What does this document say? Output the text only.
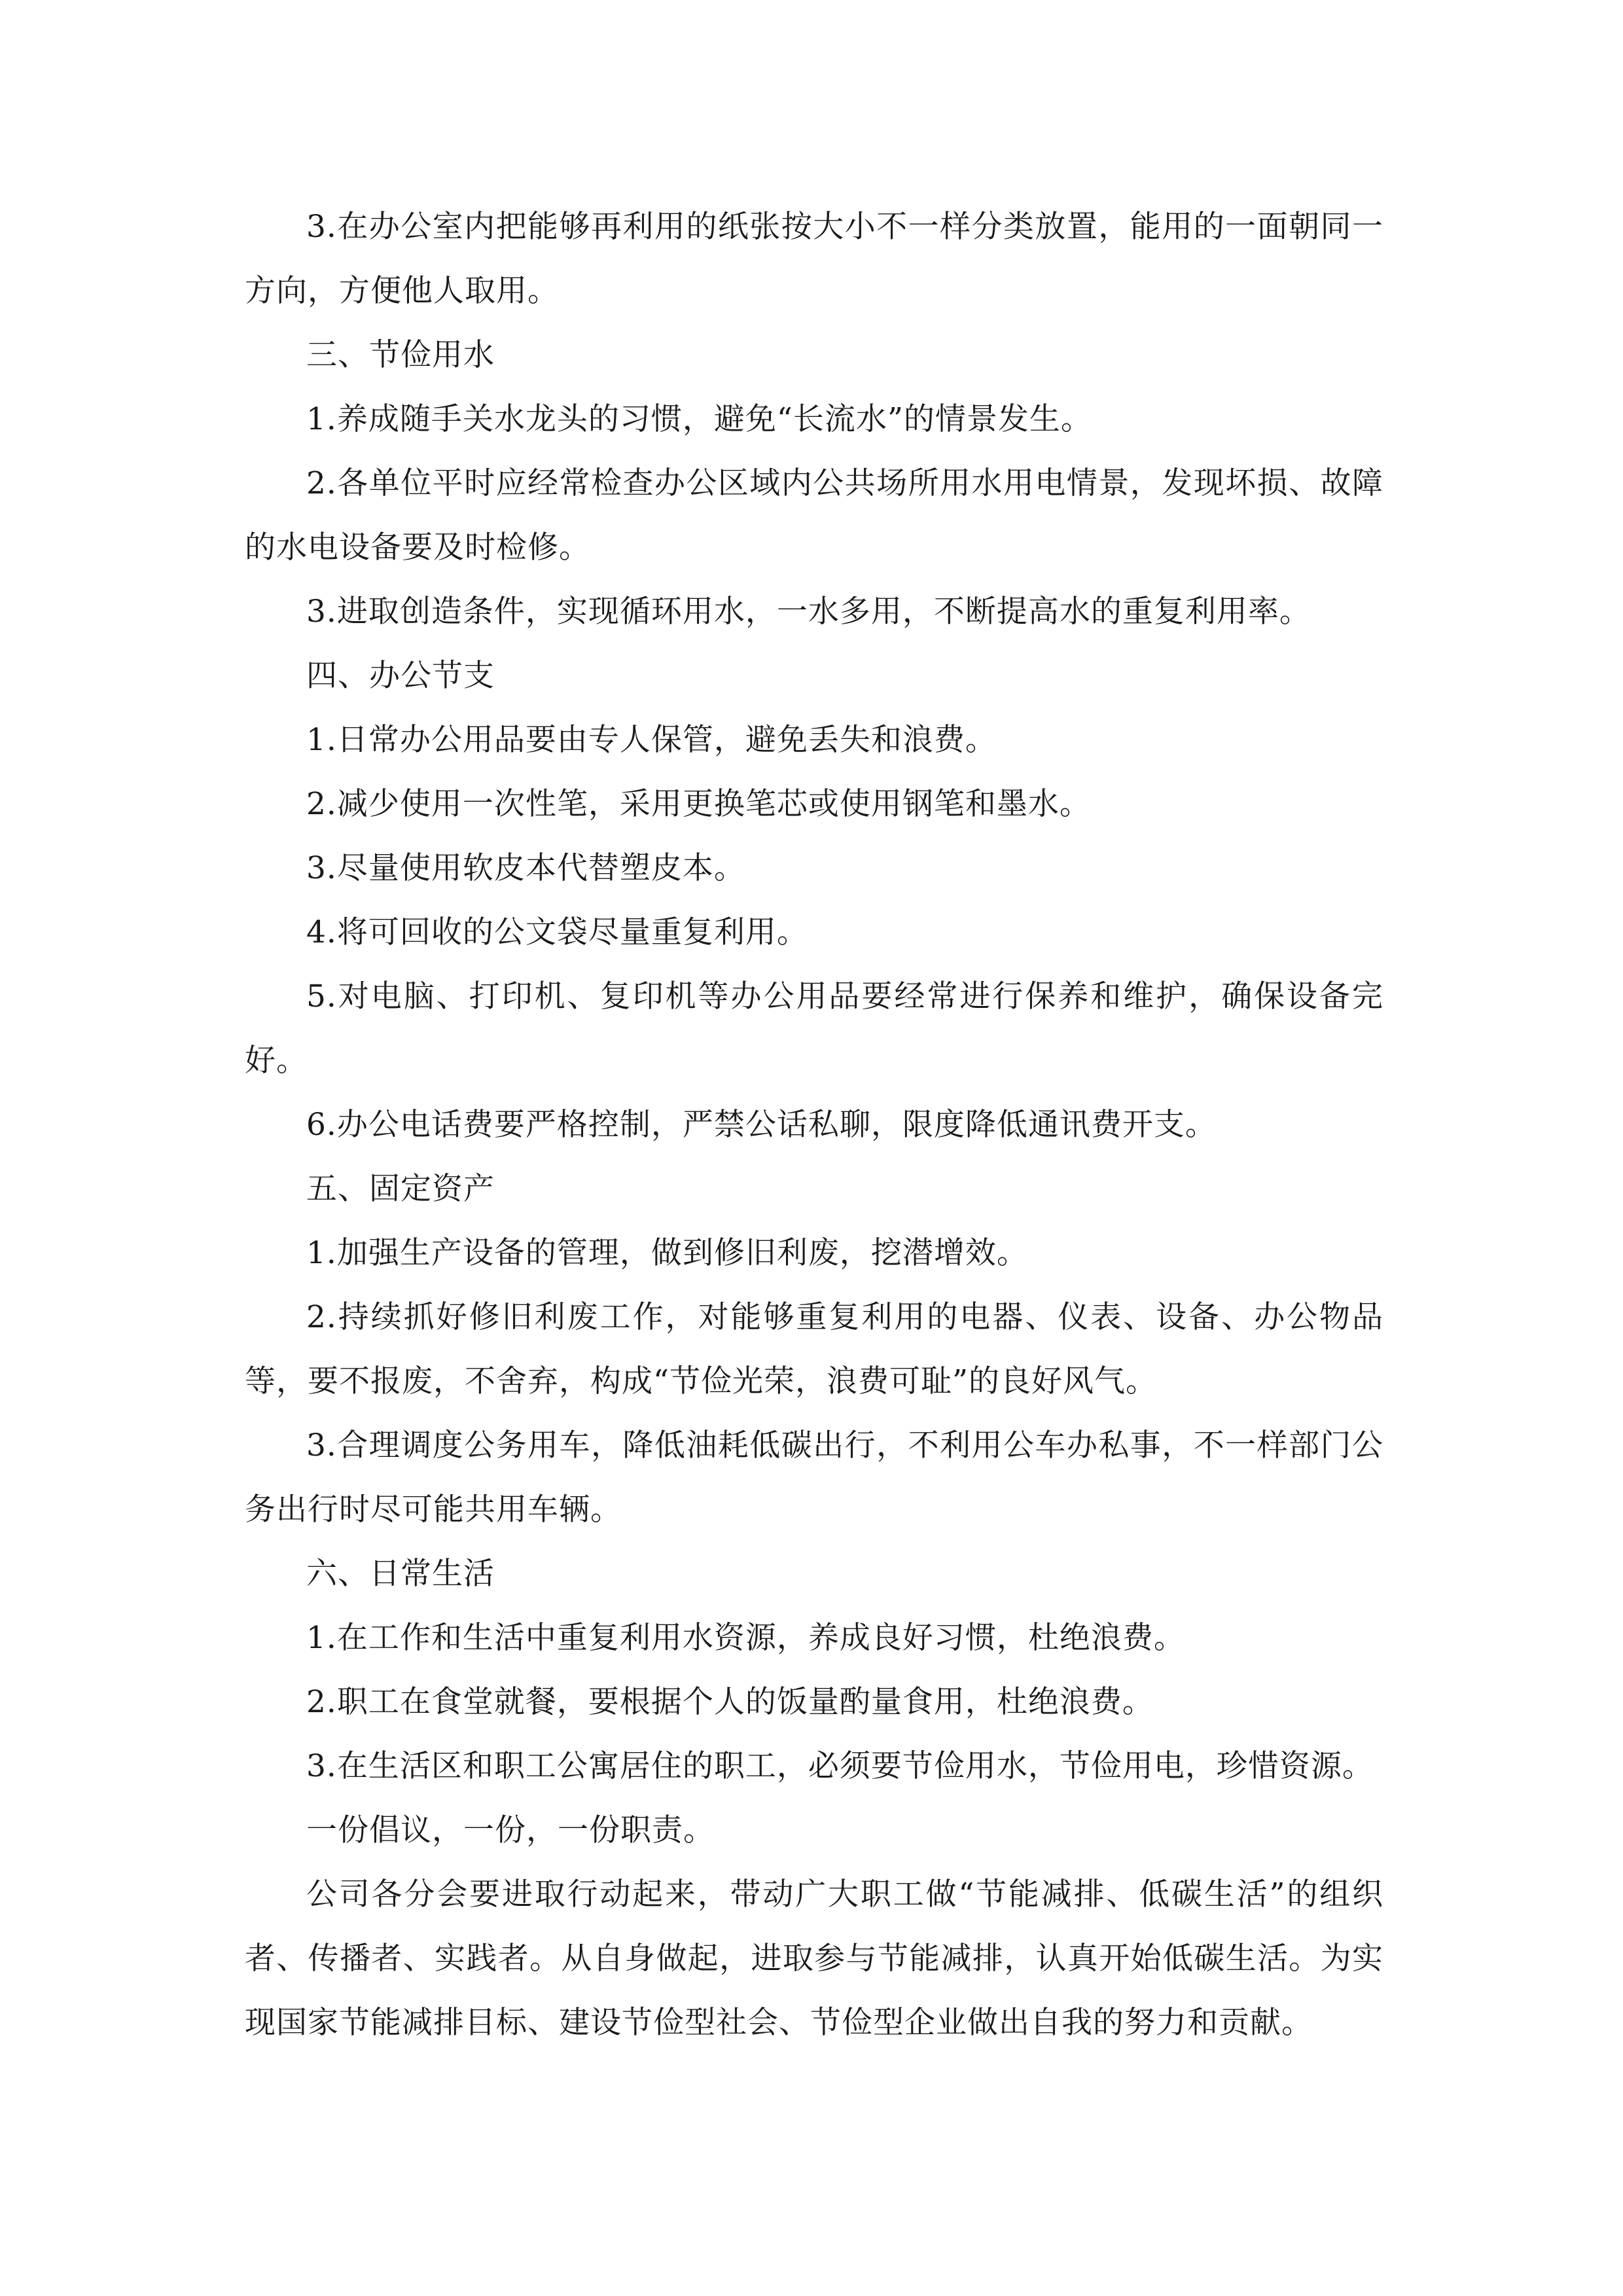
3.在办公室内把能够再利用的纸张按大小不一样分类放置，能用的一面朝同一方向，方便他人取用。

三、节俭用水

1.养成随手关水龙头的习惯，避免“长流水”的情景发生。

2.各单位平时应经常检查办公区域内公共场所用水用电情景，发现坏损、故障的水电设备要及时检修。

3.进取创造条件，实现循环用水，一水多用，不断提高水的重复利用率。

四、办公节支

1.日常办公用品要由专人保管，避免丢失和浪费。

2.减少使用一次性笔，采用更换笔芯或使用钢笔和墨水。

3.尽量使用软皮本代替塑皮本。

4.将可回收的公文袋尽量重复利用。

5.对电脑、打印机、复印机等办公用品要经常进行保养和维护，确保设备完好。

6.办公电话费要严格控制，严禁公话私聊，限度降低通讯费开支。

五、固定资产

1.加强生产设备的管理，做到修旧利废，挖潜增效。

2.持续抓好修旧利废工作，对能够重复利用的电器、仪表、设备、办公物品等，要不报废，不舍弃，构成“节俭光荣，浪费可耻”的良好风气。

3.合理调度公务用车，降低油耗低碳出行，不利用公车办私事，不一样部门公务出行时尽可能共用车辆。

六、日常生活

1.在工作和生活中重复利用水资源，养成良好习惯，杜绝浪费。

2.职工在食堂就餐，要根据个人的饭量酌量食用，杜绝浪费。

3.在生活区和职工公寓居住的职工，必须要节俭用水，节俭用电，珍惜资源。

一份倡议，一份，一份职责。

公司各分会要进取行动起来，带动广大职工做“节能减排、低碳生活”的组织者、传播者、实践者。从自身做起，进取参与节能减排，认真开始低碳生活。为实现国家节能减排目标、建设节俭型社会、节俭型企业做出自我的努力和贡献。
